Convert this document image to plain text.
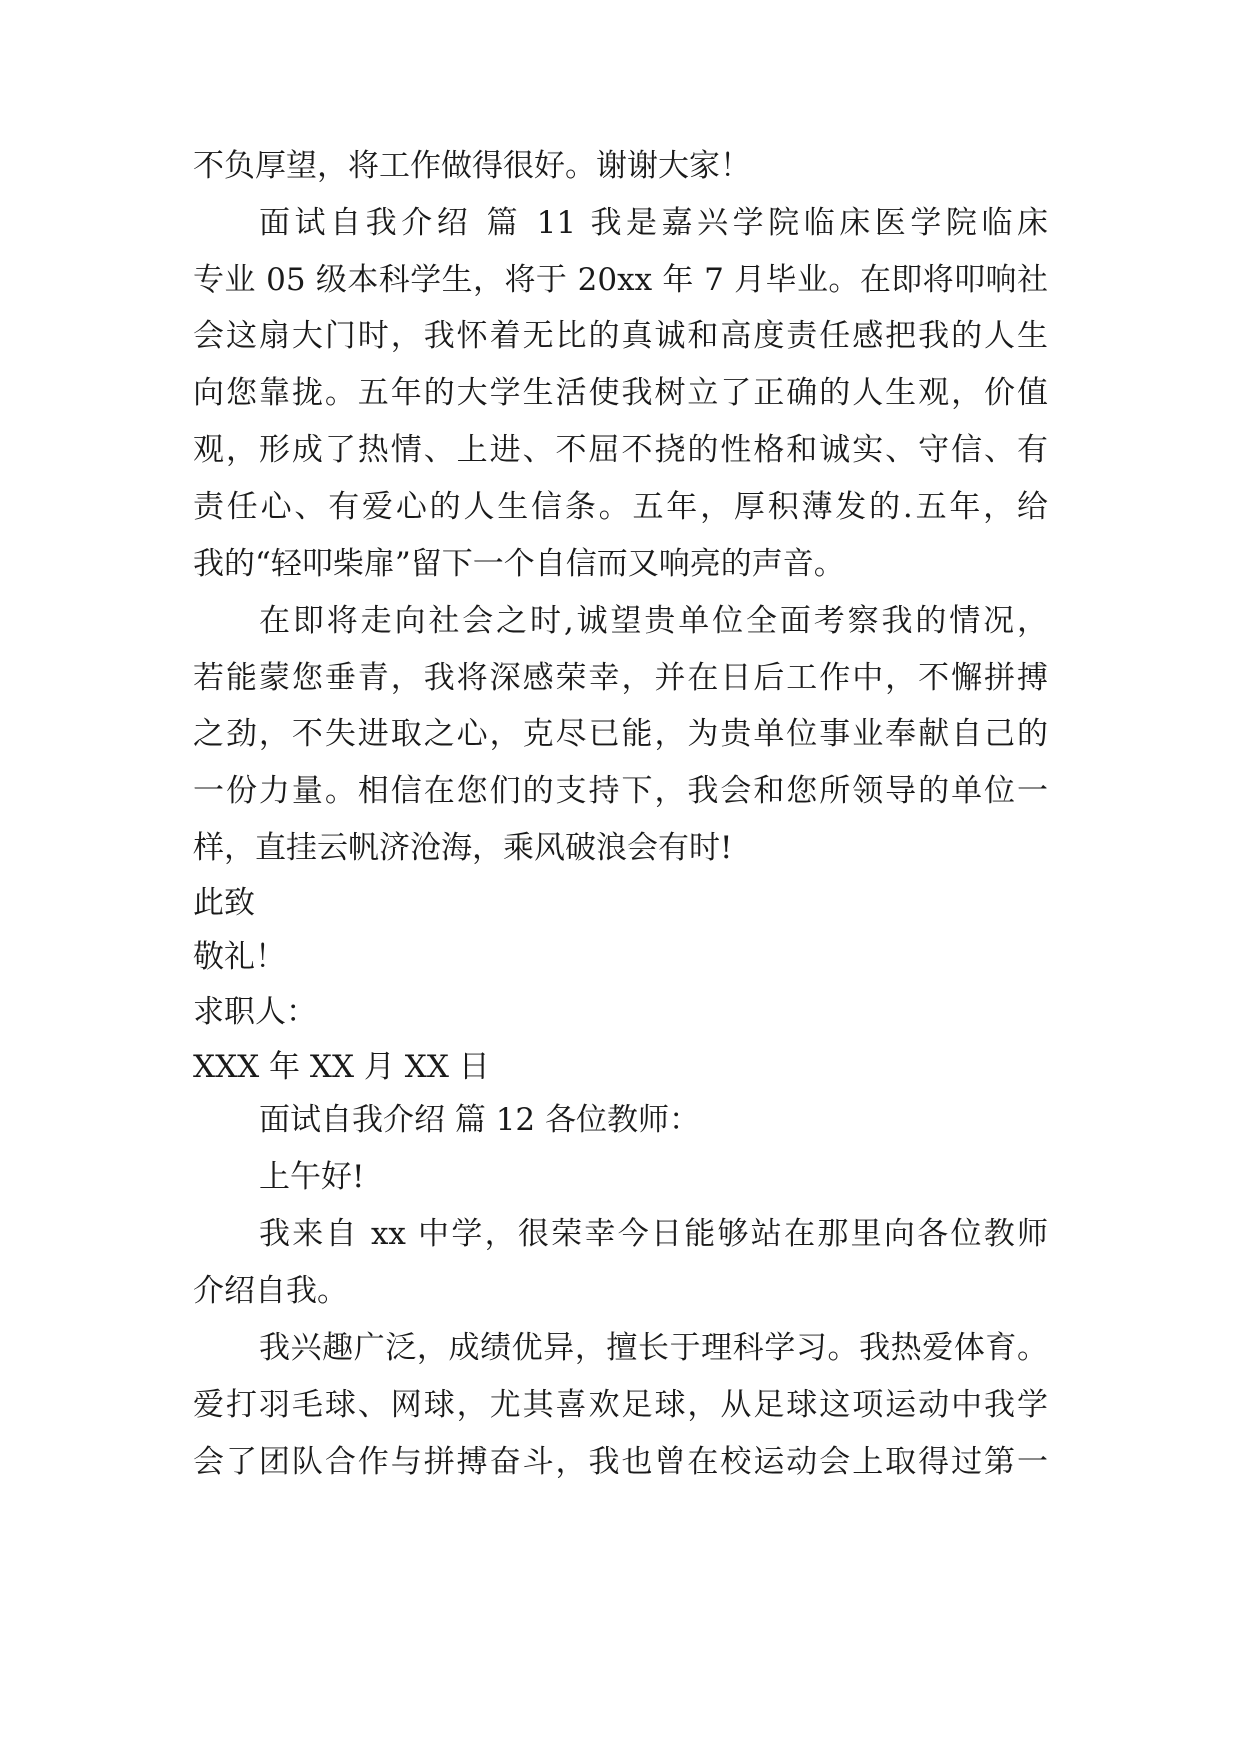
不负厚望，将工作做得很好。谢谢大家！
面试自我介绍 篇 11 我是嘉兴学院临床医学院临床
专业 05 级本科学生，将于 20xx 年 7 月毕业。在即将叩响社
会这扇大门时，我怀着无比的真诚和高度责任感把我的人生
向您靠拢。五年的大学生活使我树立了正确的人生观，价值
观，形成了热情、上进、不屈不挠的性格和诚实、守信、有
责任心、有爱心的人生信条。五年，厚积薄发的.五年，给
我的“轻叩柴扉”留下一个自信而又响亮的声音。
在即将走向社会之时,诚望贵单位全面考察我的情况，
若能蒙您垂青，我将深感荣幸，并在日后工作中，不懈拼搏
之劲，不失进取之心，克尽已能，为贵单位事业奉献自己的
一份力量。相信在您们的支持下，我会和您所领导的单位一
样，直挂云帆济沧海，乘风破浪会有时!
此致
敬礼！
求职人：
XXX 年 XX 月 XX 日
面试自我介绍 篇 12 各位教师：
上午好!
我来自 xx 中学，很荣幸今日能够站在那里向各位教师
介绍自我。
我兴趣广泛，成绩优异，擅长于理科学习。我热爱体育。
爱打羽毛球、网球，尤其喜欢足球，从足球这项运动中我学
会了团队合作与拼搏奋斗，我也曾在校运动会上取得过第一
